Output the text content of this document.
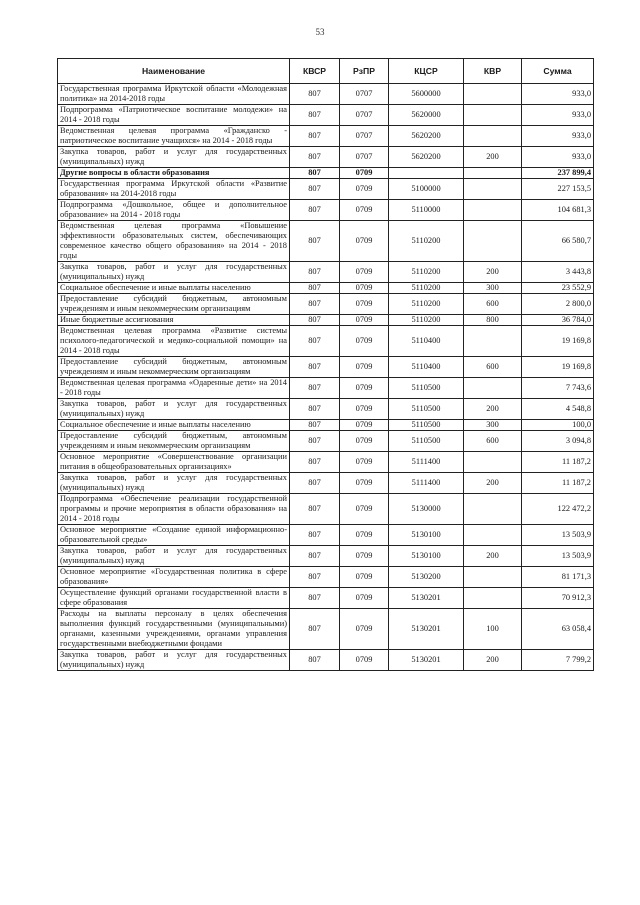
53
Наименование	КВСР	РзПР	КЦСР	КВР	Сумма
Государственная программа Иркутской области «Молодежная политика» на 2014-2018 годы	807	0707	5600000		933,0
Подпрограмма «Патриотическое воспитание молодежи» на 2014 - 2018 годы	807	0707	5620000		933,0
Ведомственная целевая программа «Гражданско - патриотическое воспитание учащихся» на 2014 - 2018 годы	807	0707	5620200		933,0
Закупка товаров, работ и услуг для государственных (муниципальных) нужд	807	0707	5620200	200	933,0
Другие вопросы в области образования	807	0709			237 899,4
Государственная программа Иркутской области «Развитие образования» на 2014-2018 годы	807	0709	5100000		227 153,5
Подпрограмма «Дошкольное, общее и дополнительное образование» на 2014 - 2018 годы	807	0709	5110000		104 681,3
Ведомственная целевая программа «Повышение эффективности образовательных систем, обеспечивающих современное качество общего образования» на 2014 - 2018 годы	807	0709	5110200		66 580,7
Закупка товаров, работ и услуг для государственных (муниципальных) нужд	807	0709	5110200	200	3 443,8
Социальное обеспечение и иные выплаты населению	807	0709	5110200	300	23 552,9
Предоставление субсидий бюджетным, автономным учреждениям и иным некоммерческим организациям	807	0709	5110200	600	2 800,0
Иные бюджетные ассигнования	807	0709	5110200	800	36 784,0
Ведомственная целевая программа «Развитие системы психолого-педагогической и медико-социальной помощи» на 2014 - 2018 годы	807	0709	5110400		19 169,8
Предоставление субсидий бюджетным, автономным учреждениям и иным некоммерческим организациям	807	0709	5110400	600	19 169,8
Ведомственная целевая программа «Одаренные дети» на 2014 - 2018 годы	807	0709	5110500		7 743,6
Закупка товаров, работ и услуг для государственных (муниципальных) нужд	807	0709	5110500	200	4 548,8
Социальное обеспечение и иные выплаты населению	807	0709	5110500	300	100,0
Предоставление субсидий бюджетным, автономным учреждениям и иным некоммерческим организациям	807	0709	5110500	600	3 094,8
Основное мероприятие «Совершенствование организации питания в общеобразовательных организациях»	807	0709	5111400		11 187,2
Закупка товаров, работ и услуг для государственных (муниципальных) нужд	807	0709	5111400	200	11 187,2
Подпрограмма «Обеспечение реализации государственной программы и прочие мероприятия в области образования» на 2014 - 2018 годы	807	0709	5130000		122 472,2
Основное мероприятие «Создание единой информационно-образовательной среды»	807	0709	5130100		13 503,9
Закупка товаров, работ и услуг для государственных (муниципальных) нужд	807	0709	5130100	200	13 503,9
Основное мероприятие «Государственная политика в сфере образования»	807	0709	5130200		81 171,3
Осуществление функций органами государственной власти в сфере образования	807	0709	5130201		70 912,3
Расходы на выплаты персоналу в целях обеспечения выполнения функций государственными (муниципальными) органами, казенными учреждениями, органами управления государственными внебюджетными фондами	807	0709	5130201	100	63 058,4
Закупка товаров, работ и услуг для государственных (муниципальных) нужд	807	0709	5130201	200	7 799,2
